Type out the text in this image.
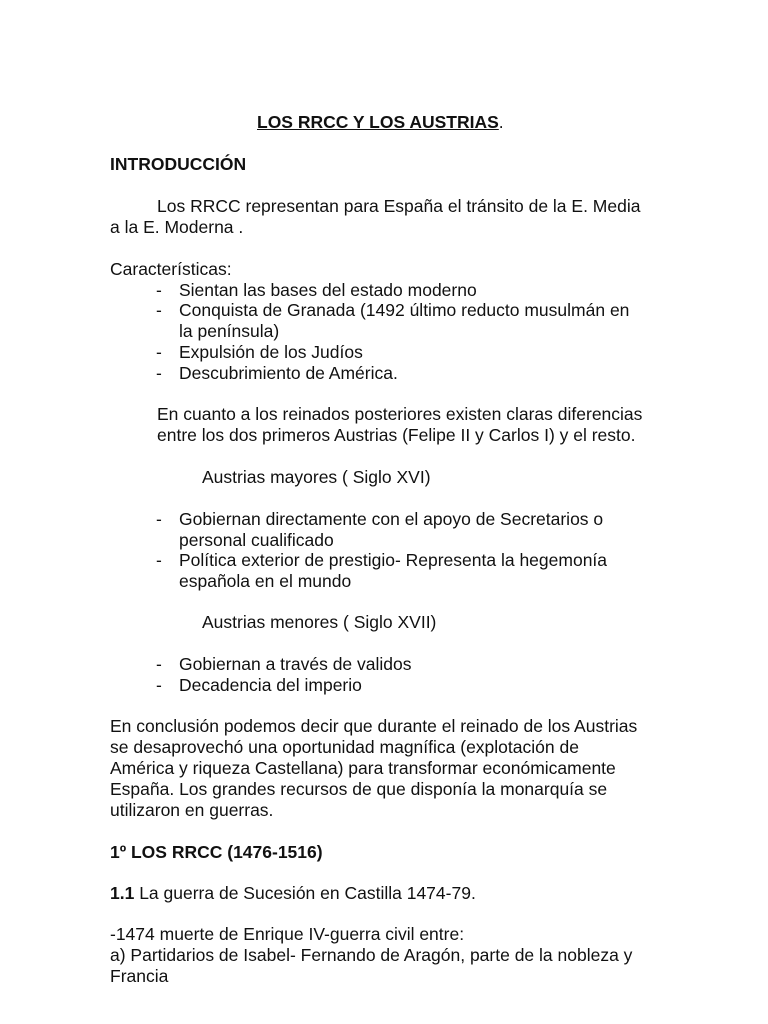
LOS RRCC Y LOS AUSTRIAS.
INTRODUCCIÓN
Los RRCC representan para España el tránsito de la E. Media
a la E. Moderna .
Características:
- Sientan las bases del estado moderno
- Conquista de Granada (1492 último reducto musulmán en
la península)
- Expulsión de los Judíos
- Descubrimiento de América.
En cuanto a los reinados posteriores existen claras diferencias
entre los dos primeros Austrias (Felipe II y Carlos I) y el resto.
Austrias mayores ( Siglo XVI)
- Gobiernan directamente con el apoyo de Secretarios o
personal cualificado
- Política exterior de prestigio- Representa la hegemonía
española en el mundo
Austrias menores ( Siglo XVII)
- Gobiernan a través de validos
- Decadencia del imperio
En conclusión podemos decir que durante el reinado de los Austrias
se desaprovechó una oportunidad magnífica (explotación de
América y riqueza Castellana) para transformar económicamente
España. Los grandes recursos de que disponía la monarquía se
utilizaron en guerras.
1º LOS RRCC (1476-1516)
1.1 La guerra de Sucesión en Castilla 1474-79.
-1474 muerte de Enrique IV-guerra civil entre:
a) Partidarios de Isabel- Fernando de Aragón, parte de la nobleza y
Francia
